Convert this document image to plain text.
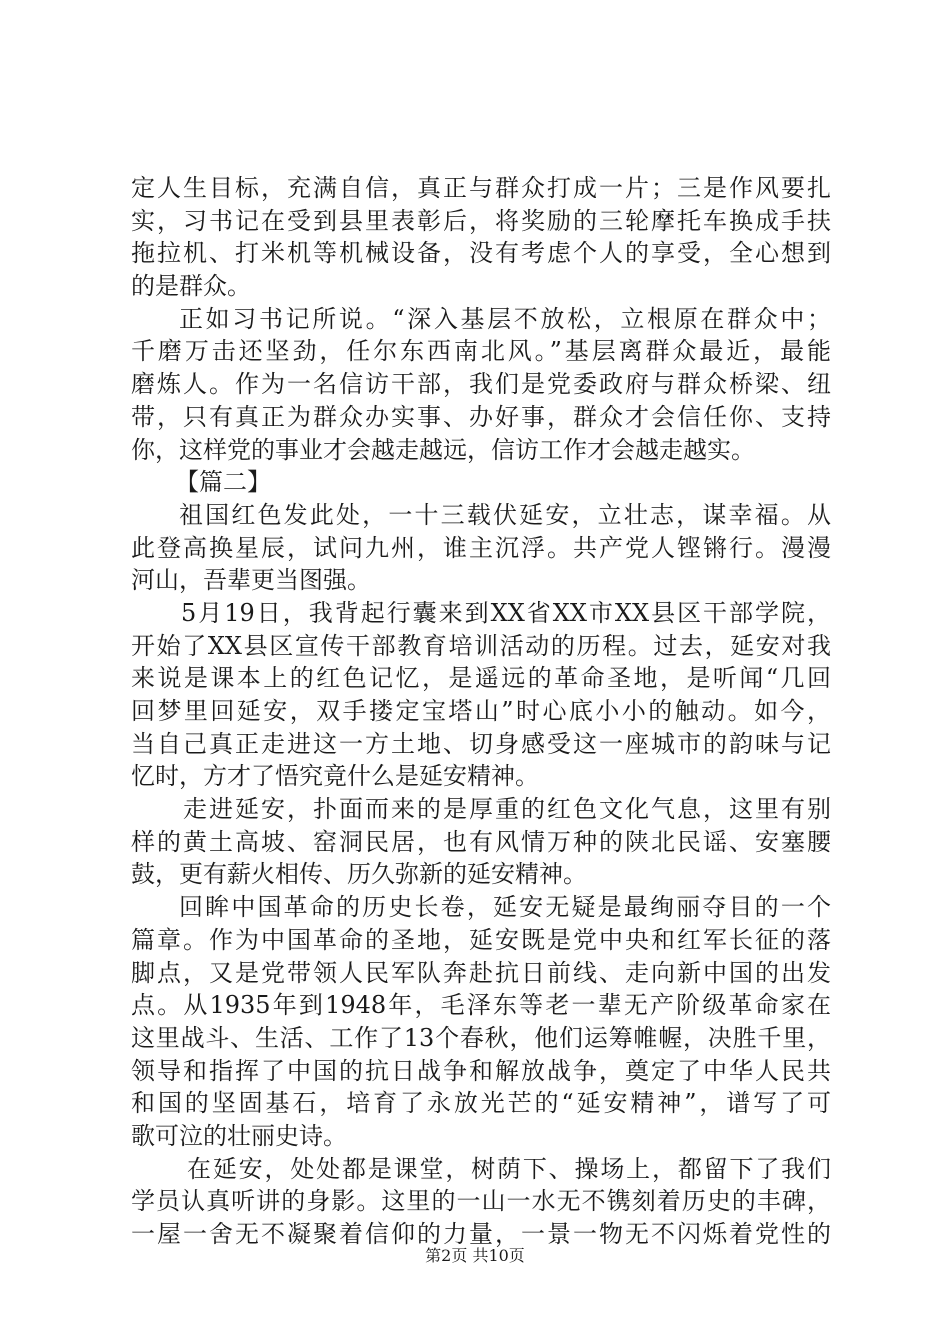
定人生目标，充满自信，真正与群众打成一片；三是作风要扎
实，习书记在受到县里表彰后，将奖励的三轮摩托车换成手扶
拖拉机、打米机等机械设备，没有考虑个人的享受，全心想到
的是群众。
正如习书记所说。“深入基层不放松，立根原在群众中；
千磨万击还坚劲，任尔东西南北风。”基层离群众最近，最能
磨炼人。作为一名信访干部，我们是党委政府与群众桥梁、纽
带，只有真正为群众办实事、办好事，群众才会信任你、支持
你，这样党的事业才会越走越远，信访工作才会越走越实。
【篇二】
祖国红色发此处，一十三载伏延安，立壮志，谋幸福。从
此登高换星辰，试问九州，谁主沉浮。共产党人铿锵行。漫漫
河山，吾辈更当图强。
5月19日，我背起行囊来到XX省XX市XX县区干部学院，
开始了XX县区宣传干部教育培训活动的历程。过去，延安对我
来说是课本上的红色记忆，是遥远的革命圣地，是听闻“几回
回梦里回延安，双手搂定宝塔山”时心底小小的触动。如今，
当自己真正走进这一方土地、切身感受这一座城市的韵味与记
忆时，方才了悟究竟什么是延安精神。
走进延安，扑面而来的是厚重的红色文化气息，这里有别
样的黄土高坡、窑洞民居，也有风情万种的陕北民谣、安塞腰
鼓，更有薪火相传、历久弥新的延安精神。
回眸中国革命的历史长卷，延安无疑是最绚丽夺目的一个
篇章。作为中国革命的圣地，延安既是党中央和红军长征的落
脚点，又是党带领人民军队奔赴抗日前线、走向新中国的出发
点。从1935年到1948年，毛泽东等老一辈无产阶级革命家在
这里战斗、生活、工作了13个春秋，他们运筹帷幄，决胜千里，
领导和指挥了中国的抗日战争和解放战争，奠定了中华人民共
和国的坚固基石，培育了永放光芒的“延安精神”，谱写了可
歌可泣的壮丽史诗。
在延安，处处都是课堂，树荫下、操场上，都留下了我们
学员认真听讲的身影。这里的一山一水无不镌刻着历史的丰碑，
一屋一舍无不凝聚着信仰的力量，一景一物无不闪烁着党性的
第2页 共10页
